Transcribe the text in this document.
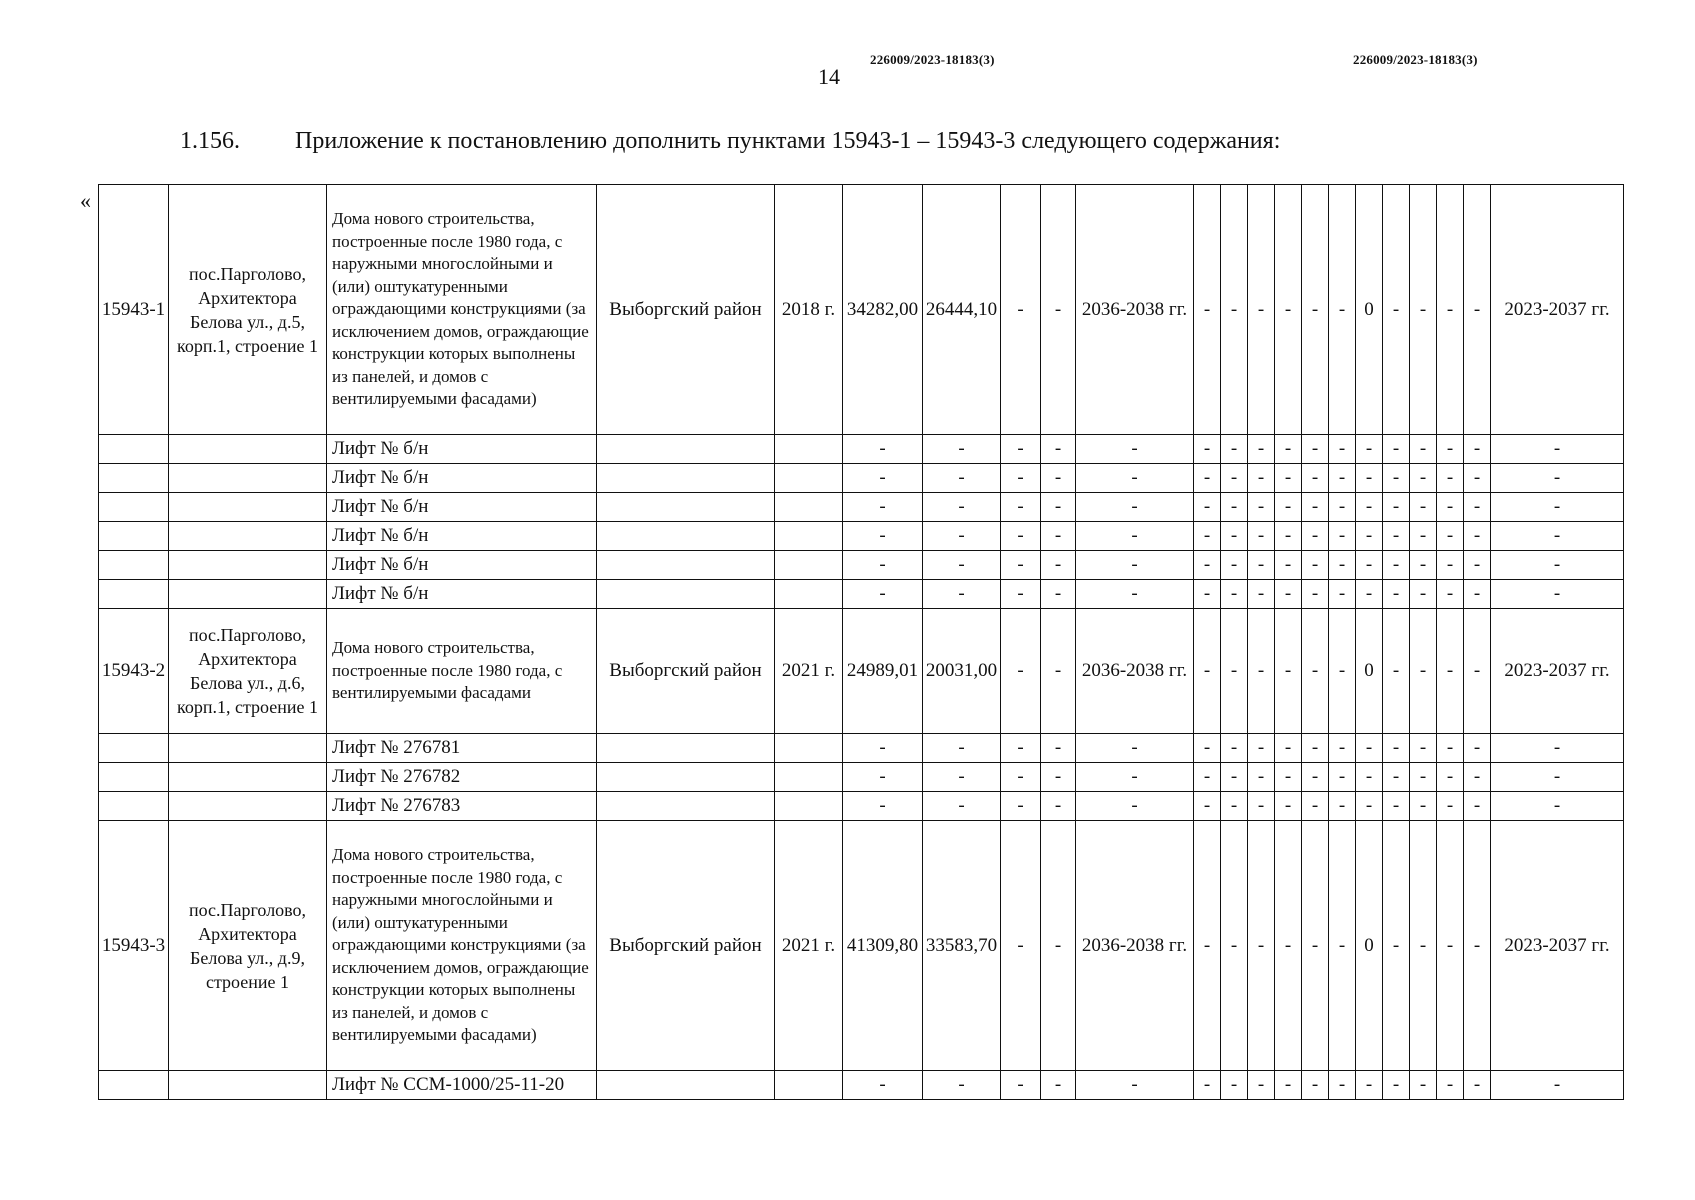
226009/2023-18183(3)	226009/2023-18183(3)
14
1.156. Приложение к постановлению дополнить пунктами 15943-1 – 15943-3 следующего содержания:
«
15943-1	пос.Парголово, Архитектора Белова ул., д.5, корп.1, строение 1	Дома нового строительства, построенные после 1980 года, с наружными многослойными и (или) оштукатуренными ограждающими конструкциями (за исключением домов, ограждающие конструкции которых выполнены из панелей, и домов с вентилируемыми фасадами)	Выборгский район	2018 г.	34282,00	26444,10	-	-	2036-2038 гг.	-	-	-	-	-	-	0	-	-	-	-	2023-2037 гг.
		Лифт № б/н			-	-	-	-	-	-	-	-	-	-	-	-	-	-	-	-	-
		Лифт № б/н			-	-	-	-	-	-	-	-	-	-	-	-	-	-	-	-	-
		Лифт № б/н			-	-	-	-	-	-	-	-	-	-	-	-	-	-	-	-	-
		Лифт № б/н			-	-	-	-	-	-	-	-	-	-	-	-	-	-	-	-	-
		Лифт № б/н			-	-	-	-	-	-	-	-	-	-	-	-	-	-	-	-	-
		Лифт № б/н			-	-	-	-	-	-	-	-	-	-	-	-	-	-	-	-	-
15943-2	пос.Парголово, Архитектора Белова ул., д.6, корп.1, строение 1	Дома нового строительства, построенные после 1980 года, с вентилируемыми фасадами	Выборгский район	2021 г.	24989,01	20031,00	-	-	2036-2038 гг.	-	-	-	-	-	-	0	-	-	-	-	2023-2037 гг.
		Лифт № 276781			-	-	-	-	-	-	-	-	-	-	-	-	-	-	-	-	-
		Лифт № 276782			-	-	-	-	-	-	-	-	-	-	-	-	-	-	-	-	-
		Лифт № 276783			-	-	-	-	-	-	-	-	-	-	-	-	-	-	-	-	-
15943-3	пос.Парголово, Архитектора Белова ул., д.9, строение 1	Дома нового строительства, построенные после 1980 года, с наружными многослойными и (или) оштукатуренными ограждающими конструкциями (за исключением домов, ограждающие конструкции которых выполнены из панелей, и домов с вентилируемыми фасадами)	Выборгский район	2021 г.	41309,80	33583,70	-	-	2036-2038 гг.	-	-	-	-	-	-	0	-	-	-	-	2023-2037 гг.
		Лифт № ССМ-1000/25-11-20			-	-	-	-	-	-	-	-	-	-	-	-	-	-	-	-	-
